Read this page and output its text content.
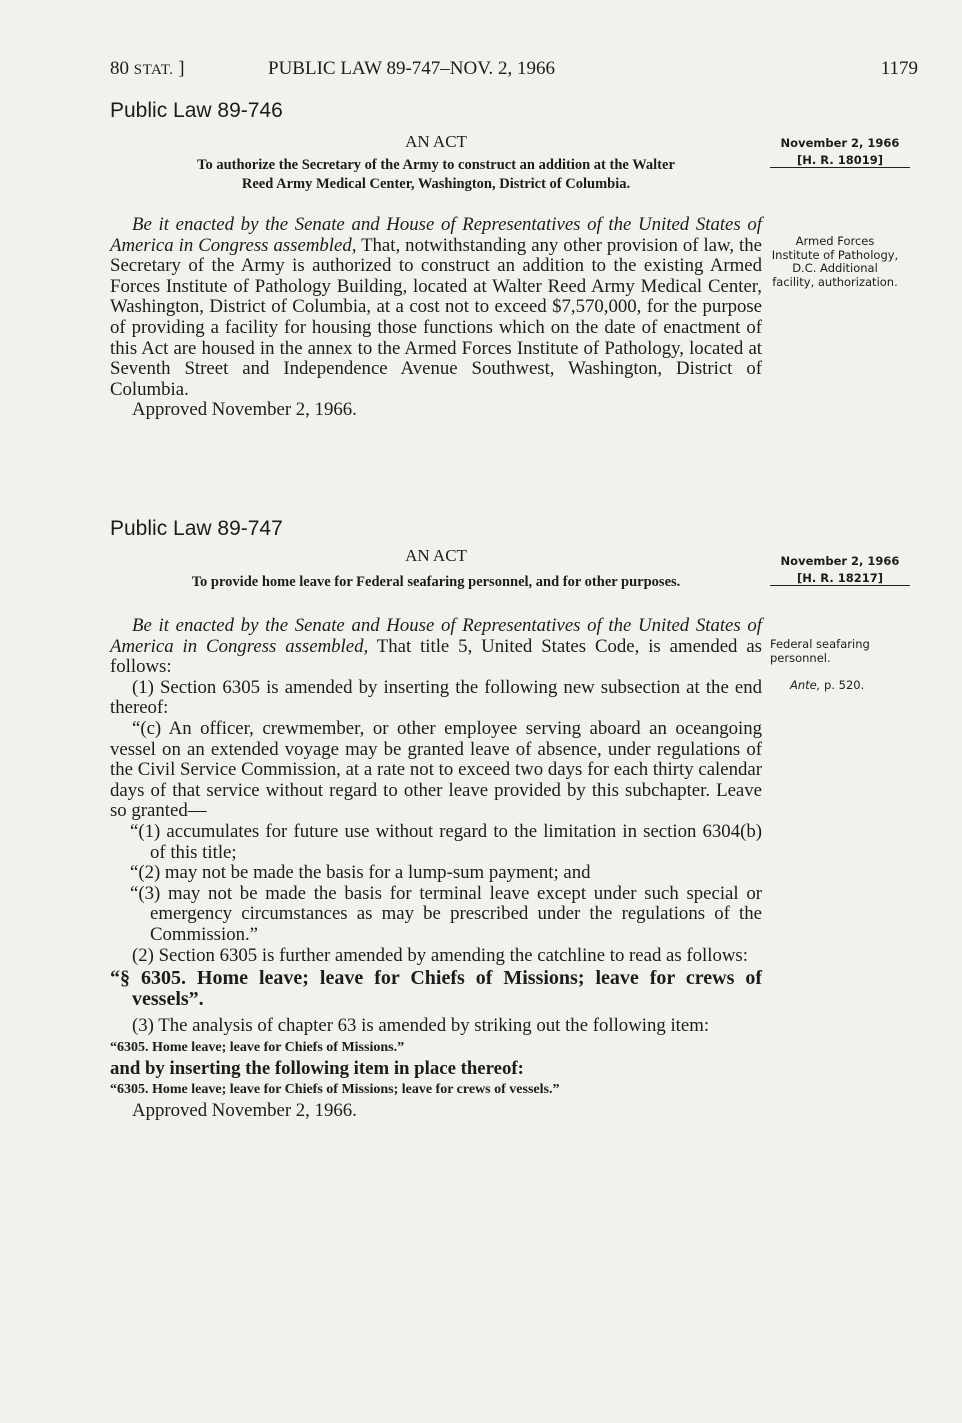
80 STAT. ]	PUBLIC LAW 89-747–NOV. 2, 1966	1179
Public Law 89-746
AN ACT
To authorize the Secretary of the Army to construct an addition at the Walter
Reed Army Medical Center, Washington, District of Columbia.
November 2, 1966
[H. R. 18019]
Armed Forces Institute of Pathology, D.C. Additional facility, authorization.

Be it enacted by the Senate and House of Representatives of the United States of America in Congress assembled, That, notwithstanding any other provision of law, the Secretary of the Army is authorized to construct an addition to the existing Armed Forces Institute of Pathology Building, located at Walter Reed Army Medical Center, Washington, District of Columbia, at a cost not to exceed $7,570,000, for the purpose of providing a facility for housing those functions which on the date of enactment of this Act are housed in the annex to the Armed Forces Institute of Pathology, located at Seventh Street and Independence Avenue Southwest, Washington, District of Columbia.

Approved November 2, 1966.

Public Law 89-747
AN ACT
To provide home leave for Federal seafaring personnel, and for other purposes.
November 2, 1966
[H. R. 18217]
Federal seafaring personnel.
Ante, p. 520.

Be it enacted by the Senate and House of Representatives of the United States of America in Congress assembled, That title 5, United States Code, is amended as follows:

(1) Section 6305 is amended by inserting the following new subsection at the end thereof:

“(c) An officer, crewmember, or other employee serving aboard an oceangoing vessel on an extended voyage may be granted leave of absence, under regulations of the Civil Service Commission, at a rate not to exceed two days for each thirty calendar days of that service without regard to other leave provided by this subchapter. Leave so granted—

“(1) accumulates for future use without regard to the limitation in section 6304(b) of this title;

“(2) may not be made the basis for a lump-sum payment; and

“(3) may not be made the basis for terminal leave except under such special or emergency circumstances as may be prescribed under the regulations of the Commission.”

(2) Section 6305 is further amended by amending the catchline to read as follows:

“§ 6305. Home leave; leave for Chiefs of Missions; leave for crews of vessels”.

(3) The analysis of chapter 63 is amended by striking out the following item:

“6305. Home leave; leave for Chiefs of Missions.”

and by inserting the following item in place thereof:

“6305. Home leave; leave for Chiefs of Missions; leave for crews of vessels.”

Approved November 2, 1966.
